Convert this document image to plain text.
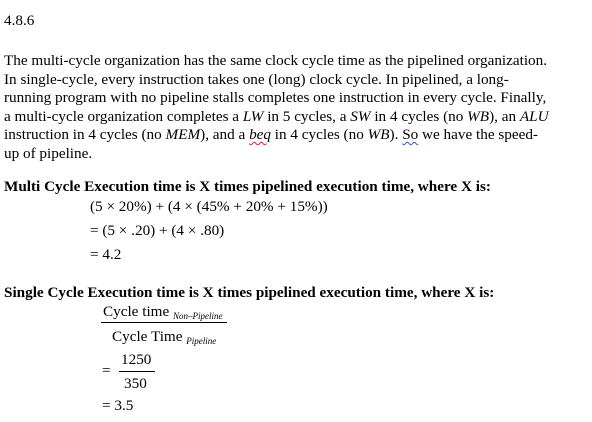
4.8.6
The multi-cycle organization has the same clock cycle time as the pipelined organization.
In single-cycle, every instruction takes one (long) clock cycle. In pipelined, a long-
running program with no pipeline stalls completes one instruction in every cycle. Finally,
a multi-cycle organization completes a LW in 5 cycles, a SW in 4 cycles (no WB), an ALU
instruction in 4 cycles (no MEM), and a beq in 4 cycles (no WB). So we have the speed-
up of pipeline.
Multi Cycle Execution time is X times pipelined execution time, where X is:
(5 × 20%) + (4 × (45% + 20% + 15%))
= (5 × .20) + (4 × .80)
= 4.2
Single Cycle Execution time is X times pipelined execution time, where X is:
Cycle time $_{Non-Pipeline}$
Cycle Time $_{Pipeline}$
=
1250
350
= 3.5
